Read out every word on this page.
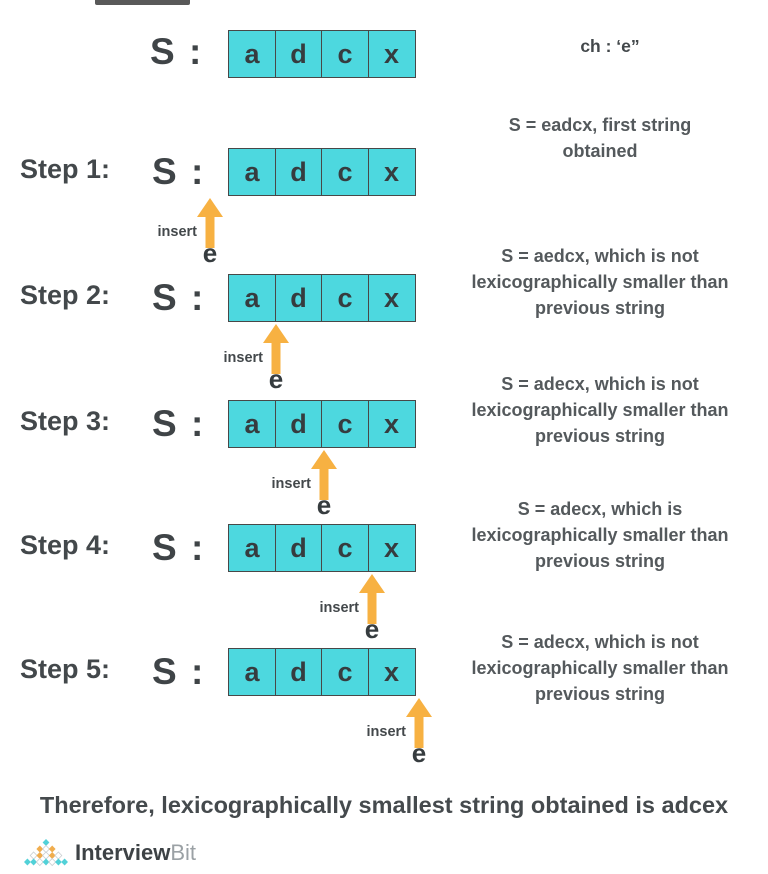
S :	a	d	c	x	ch : ‘e”
Step 1: S :	a	d	c	x
insert
e
S = eadcx, first string
obtained
Step 2: S :	a	d	c	x
insert
e
S = aedcx, which is not
lexicographically smaller than
previous string
Step 3: S :	a	d	c	x
insert
e
S = adecx, which is not
lexicographically smaller than
previous string
Step 4: S :	a	d	c	x
insert
e
S = adecx, which is
lexicographically smaller than
previous string
Step 5: S :	a	d	c	x
insert
e
S = adecx, which is not
lexicographically smaller than
previous string
Therefore, lexicographically smallest string obtained is adcex
InterviewBit
